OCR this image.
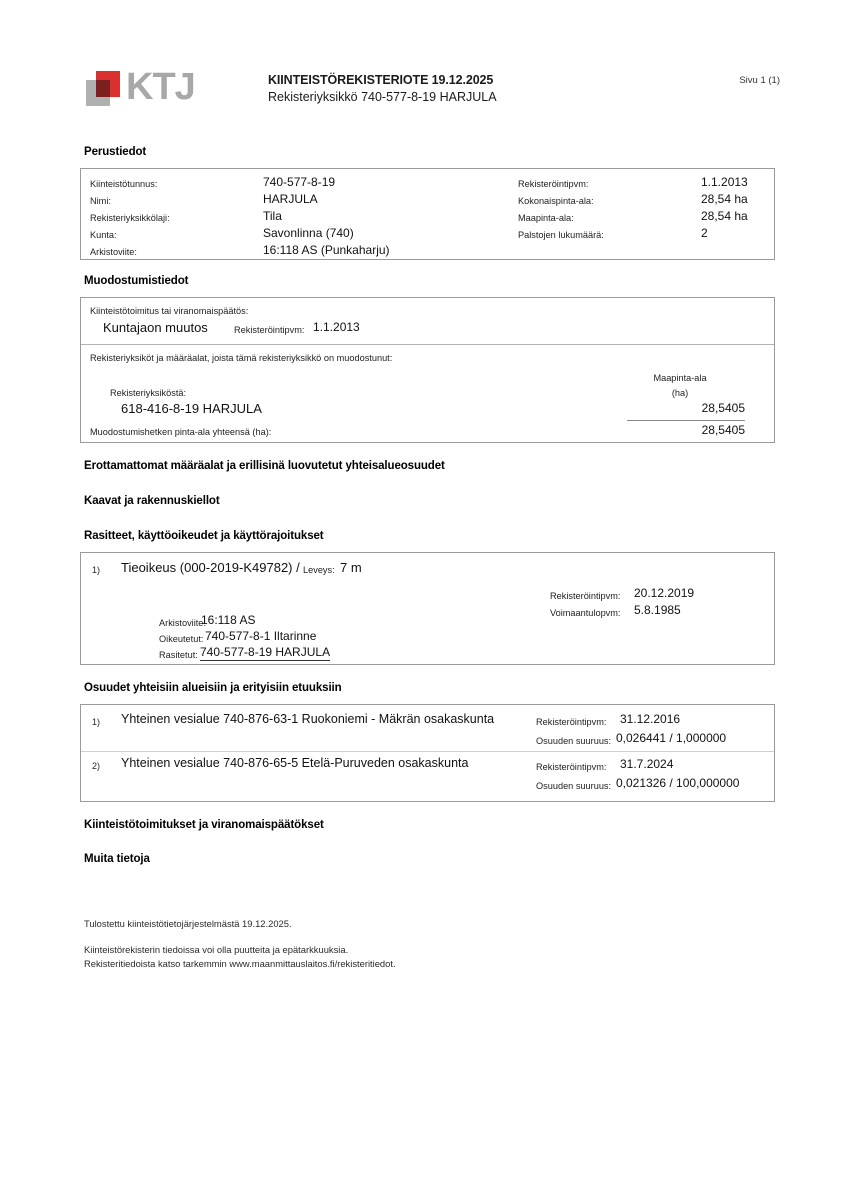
KTJ	KIINTEISTÖREKISTERIOTE 19.12.2025
Rekisteriyksikkö 740-577-8-19 HARJULA
Sivu 1 (1)
Perustiedot
Kiinteistötunnus:	740-577-8-19
Nimi:	HARJULA
Rekisteriyksikkölaji:	Tila
Kunta:	Savonlinna (740)
Arkistoviite:	16:118 AS (Punkaharju)
Rekisteröintipvm:	1.1.2013
Kokonaispinta-ala:	28,54 ha
Maapinta-ala:	28,54 ha
Palstojen lukumäärä:	2
Muodostumistiedot
Kiinteistötoimitus tai viranomaispäätös:
Kuntajaon muutos	Rekisteröintipvm: 1.1.2013
Rekisteriyksiköt ja määräalat, joista tämä rekisteriyksikkö on muodostunut:
Maapinta-ala
(ha)
Rekisteriyksiköstä:
618-416-8-19 HARJULA	28,5405
Muodostumishetken pinta-ala yhteensä (ha):	28,5405
Erottamattomat määräalat ja erillisinä luovutetut yhteisalueosuudet
Kaavat ja rakennuskiellot
Rasitteet, käyttöoikeudet ja käyttörajoitukset
1) Tieoikeus (000-2019-K49782) / Leveys: 7 m
Rekisteröintipvm: 20.12.2019
Voimaantulopvm: 5.8.1985
Arkistoviite:
16:118 AS
Oikeutetut: 740-577-8-1 Iltarinne
Rasitetut: 740-577-8-19 HARJULA
Osuudet yhteisiin alueisiin ja erityisiin etuuksiin
1) Yhteinen vesialue 740-876-63-1 Ruokoniemi - Mäkrän osakaskunta	Rekisteröintipvm: 31.12.2016
Osuuden suuruus: 0,026441 / 1,000000
2) Yhteinen vesialue 740-876-65-5 Etelä-Puruveden osakaskunta	Rekisteröintipvm: 31.7.2024
Osuuden suuruus: 0,021326 / 100,000000
Kiinteistötoimitukset ja viranomaispäätökset
Muita tietoja
Tulostettu kiinteistötietojärjestelmästä 19.12.2025.
Kiinteistörekisterin tiedoissa voi olla puutteita ja epätarkkuuksia.
Rekisteritiedoista katso tarkemmin www.maanmittauslaitos.fi/rekisteritiedot.
